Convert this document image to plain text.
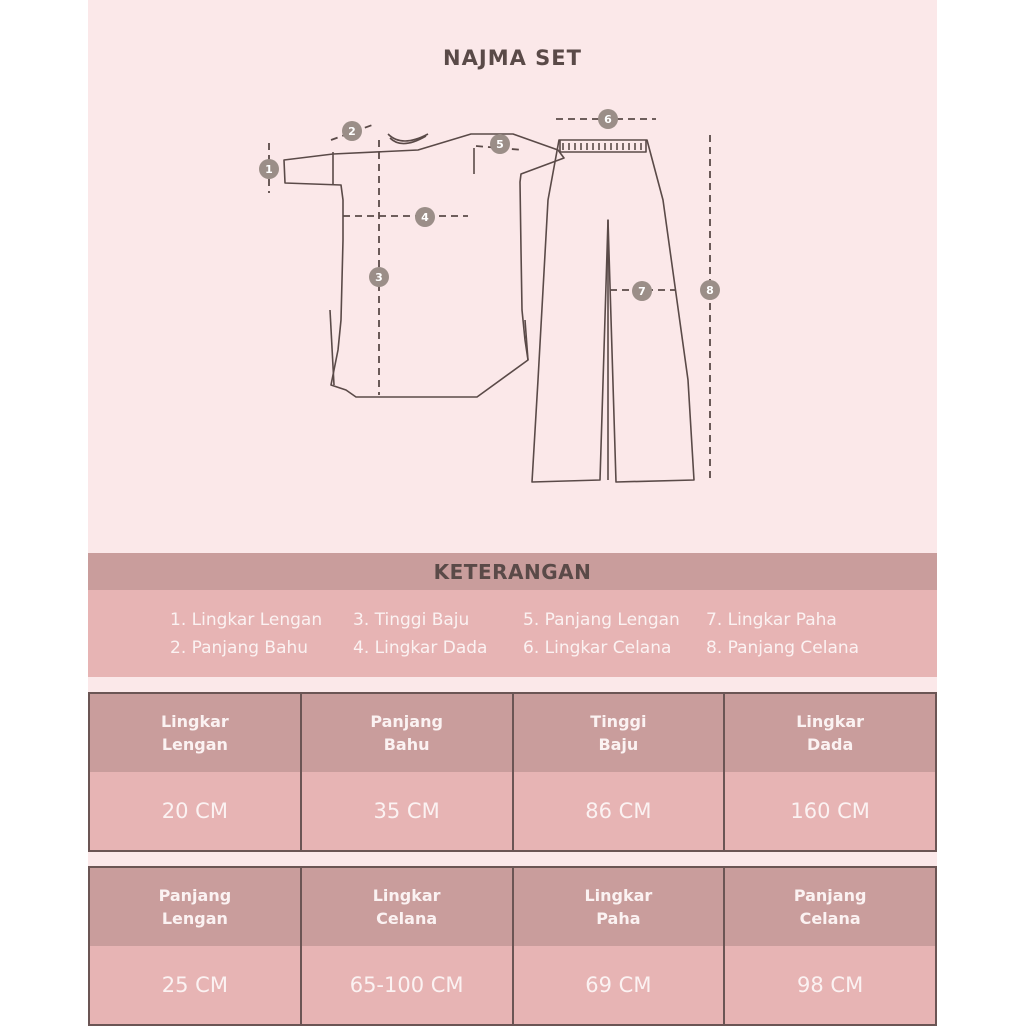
NAJMA SET
1
2
3
4
5
6
7	8
KETERANGAN
1. Lingkar Lengan
2. Panjang Bahu
3. Tinggi Baju
4. Lingkar Dada
5. Panjang Lengan
6. Lingkar Celana
7. Lingkar Paha
8. Panjang Celana
Lingkar
Lengan
20 CM
Panjang
Bahu
35 CM
Tinggi
Baju
86 CM
Lingkar
Dada
160 CM
Panjang
Lengan
25 CM
Lingkar
Celana
65-100 CM
Lingkar
Paha
69 CM
Panjang
Celana
98 CM
